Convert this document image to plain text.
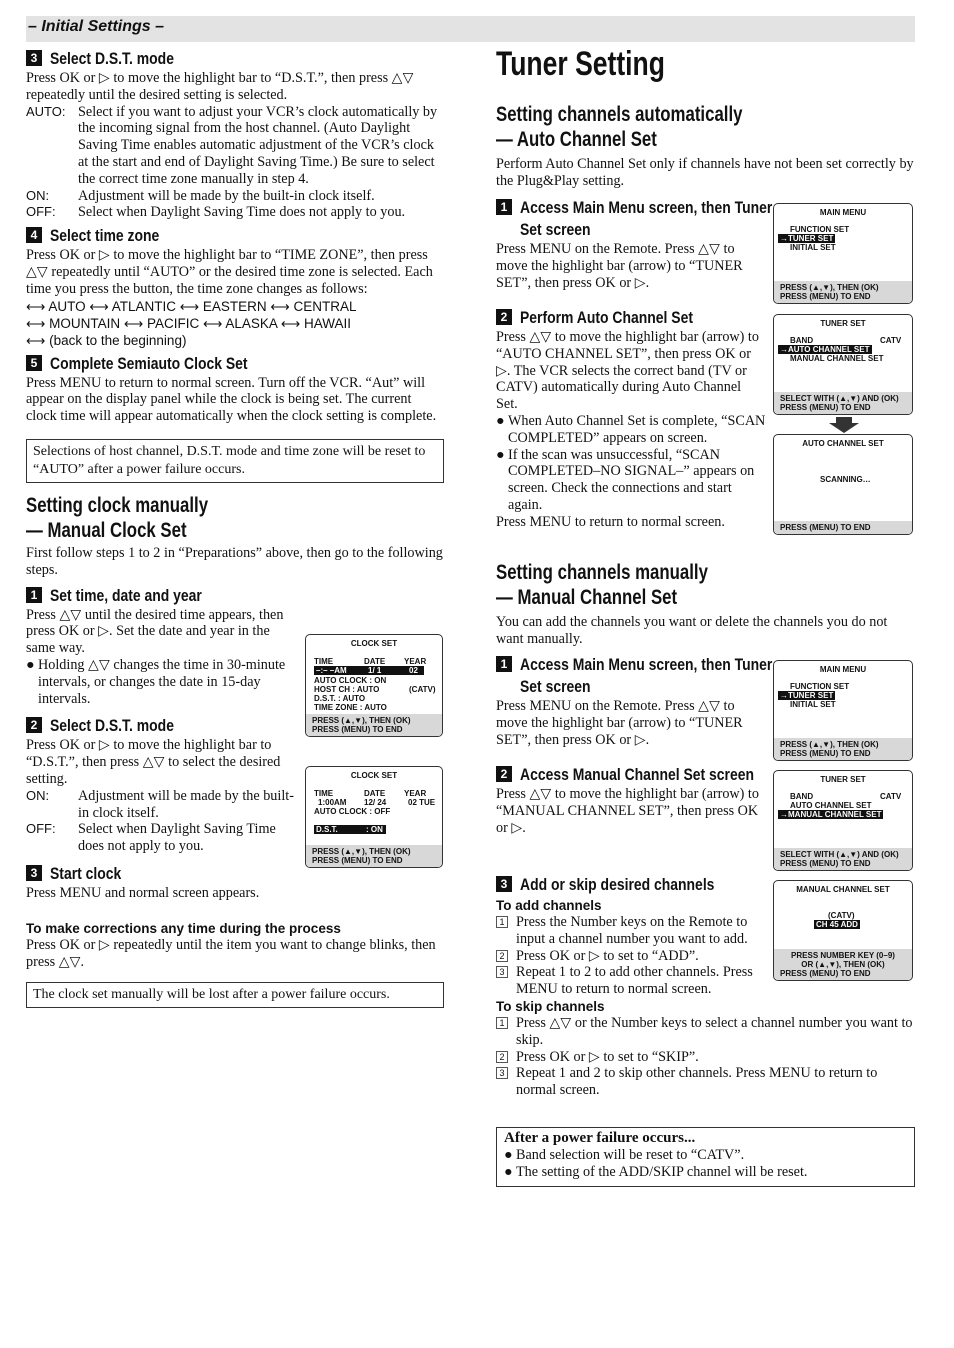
– Initial Settings –
3 Select D.S.T. mode
Press OK or ▷ to move the highlight bar to “D.S.T.”, then press △▽ repeatedly until the desired setting is selected.
AUTO: Select if you want to adjust your VCR’s clock automatically by the incoming signal from the host channel. (Auto Daylight Saving Time enables automatic adjustment of the VCR’s clock at the start and end of Daylight Saving Time.) Be sure to select the correct time zone manually in step 4.
ON:	Adjustment will be made by the built-in clock itself.
OFF:	Select when Daylight Saving Time does not apply to you.
4 Select time zone
Press OK or ▷ to move the highlight bar to “TIME ZONE”, then press △▽ repeatedly until “AUTO” or the desired time zone is selected. Each time you press the button, the time zone changes as follows:
⟷ AUTO ⟷ ATLANTIC ⟷ EASTERN ⟷ CENTRAL
⟷ MOUNTAIN ⟷ PACIFIC ⟷ ALASKA ⟷ HAWAII
⟷ (back to the beginning)
5 Complete Semiauto Clock Set
Press MENU to return to normal screen. Turn off the VCR. “Aut” will appear on the display panel while the clock is being set. The current clock time will appear automatically when the clock setting is complete.
Selections of host channel, D.S.T. mode and time zone will be reset to “AUTO” after a power failure occurs.
Setting clock manually
— Manual Clock Set
First follow steps 1 to 2 in “Preparations” above, then go to the following steps.
1 Set time, date and year
Press △▽ until the desired time appears, then press OK or ▷. Set the date and year in the same way.
● Holding △▽ changes the time in 30-minute intervals, or changes the date in 15-day intervals.
2 Select D.S.T. mode
Press OK or ▷ to move the highlight bar to “D.S.T.”, then press △▽ to select the desired setting.
ON:	Adjustment will be made by the built-in clock itself.
OFF:	Select when Daylight Saving Time does not apply to you.
3 Start clock
Press MENU and normal screen appears.
To make corrections any time during the process
Press OK or ▷ repeatedly until the item you want to change blinks, then press △▽.
The clock set manually will be lost after a power failure occurs.
CLOCK SET
TIME	DATE YEAR
–:– –AM	1/ 1	02
AUTO CLOCK : ON
HOST CH : AUTO	(CATV)
D.S.T. : AUTO
TIME ZONE : AUTO
PRESS (▲,▼), THEN (OK)
PRESS (MENU) TO END
CLOCK SET
TIME	DATE YEAR
1:00AM 12/ 24	02 TUE
AUTO CLOCK : OFF
D.S.T.	: ON
PRESS (▲,▼), THEN (OK)
PRESS (MENU) TO END
Tuner Setting
Setting channels automatically
— Auto Channel Set
Perform Auto Channel Set only if channels have not been set correctly by the Plug&Play setting.
1 Access Main Menu screen, then Tuner
Set screen
Press MENU on the Remote. Press △▽ to move the highlight bar (arrow) to “TUNER SET”, then press OK or ▷.
2 Perform Auto Channel Set
Press △▽ to move the highlight bar (arrow) to “AUTO CHANNEL SET”, then press OK or ▷. The VCR selects the correct band (TV or CATV) automatically during Auto Channel Set.
● When Auto Channel Set is complete, “SCAN COMPLETED” appears on screen.
● If the scan was unsuccessful, “SCAN COMPLETED–NO SIGNAL–” appears on screen. Check the connections and start again.
Press MENU to return to normal screen.
MAIN MENU
FUNCTION SET
→TUNER SET
INITIAL SET
PRESS (▲,▼), THEN (OK)
PRESS (MENU) TO END
TUNER SET
BAND	CATV
→AUTO CHANNEL SET
MANUAL CHANNEL SET
SELECT WITH (▲,▼) AND (OK)
PRESS (MENU) TO END
AUTO CHANNEL SET
SCANNING…
PRESS (MENU) TO END
Setting channels manually
— Manual Channel Set
You can add the channels you want or delete the channels you do not want manually.
1 Access Main Menu screen, then Tuner
Set screen
Press MENU on the Remote. Press △▽ to move the highlight bar (arrow) to “TUNER SET”, then press OK or ▷.
2 Access Manual Channel Set screen
Press △▽ to move the highlight bar (arrow) to “MANUAL CHANNEL SET”, then press OK or ▷.
3 Add or skip desired channels
To add channels
1 Press the Number keys on the Remote to input a channel number you want to add.
2 Press OK or ▷ to set to “ADD”.
3 Repeat 1 to 2 to add other channels. Press MENU to return to normal screen.
To skip channels
1 Press △▽ or the Number keys to select a channel number you want to skip.
2 Press OK or ▷ to set to “SKIP”.
3 Repeat 1 and 2 to skip other channels. Press MENU to return to normal screen.
MAIN MENU
FUNCTION SET
→TUNER SET
INITIAL SET
PRESS (▲,▼), THEN (OK)
PRESS (MENU) TO END
TUNER SET
BAND	CATV
AUTO CHANNEL SET
→MANUAL CHANNEL SET
SELECT WITH (▲,▼) AND (OK)
PRESS (MENU) TO END
MANUAL CHANNEL SET
(CATV)
CH 45 ADD
PRESS NUMBER KEY (0–9)
OR (▲,▼), THEN (OK)
PRESS (MENU) TO END
After a power failure occurs...
● Band selection will be reset to “CATV”.
● The setting of the ADD/SKIP channel will be reset.
